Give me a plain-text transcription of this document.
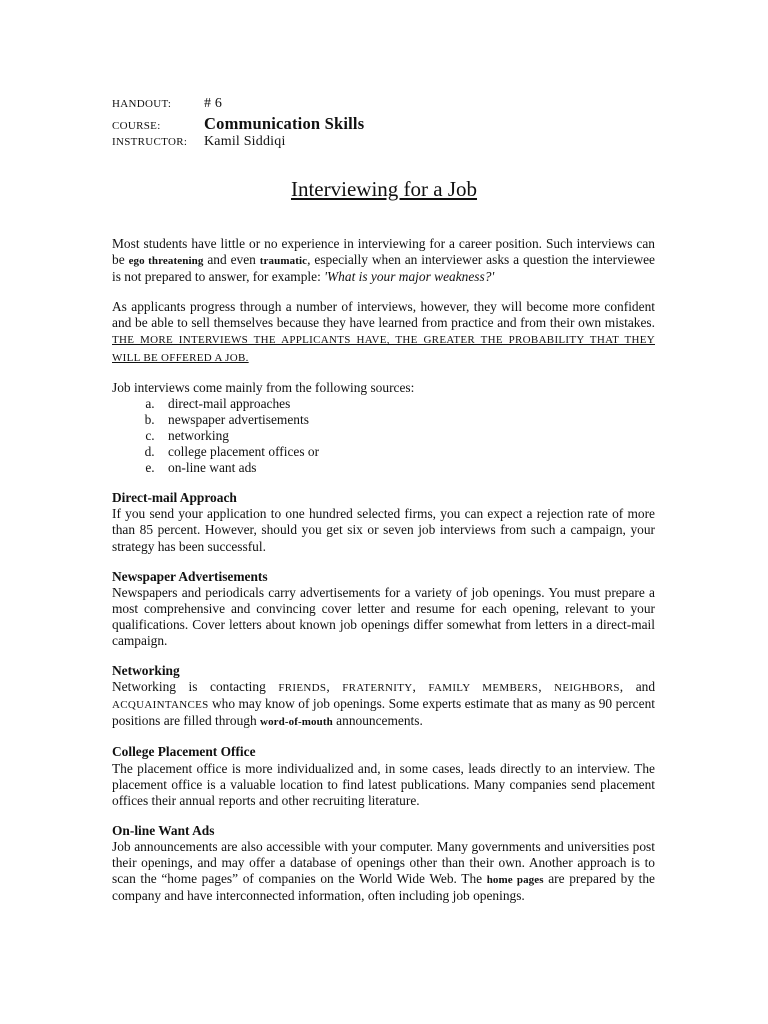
HANDOUT: # 6
COURSE:	Communication Skills
INSTRUCTOR: Kamil Siddiqi
Interviewing for a Job

Most students have little or no experience in interviewing for a career position. Such interviews can be ego threatening and even traumatic, especially when an interviewer asks a question the interviewee is not prepared to answer, for example: 'What is your major weakness?'

As applicants progress through a number of interviews, however, they will become more confident and be able to sell themselves because they have learned from practice and from their own mistakes. THE MORE INTERVIEWS THE APPLICANTS HAVE, THE GREATER THE PROBABILITY THAT THEY WILL BE OFFERED A JOB.

Job interviews come mainly from the following sources:

a. direct-mail approaches
b. newspaper advertisements
c. networking
d. college placement offices or
e. on-line want ads
Direct-mail Approach

If you send your application to one hundred selected firms, you can expect a rejection rate of more than 85 percent. However, should you get six or seven job interviews from such a campaign, your strategy has been successful.

Newspaper Advertisements

Newspapers and periodicals carry advertisements for a variety of job openings. You must prepare a most comprehensive and convincing cover letter and resume for each opening, relevant to your qualifications. Cover letters about known job openings differ somewhat from letters in a direct-mail campaign.

Networking

Networking is contacting FRIENDS, FRATERNITY, FAMILY MEMBERS, NEIGHBORS, and ACQUAINTANCES who may know of job openings. Some experts estimate that as many as 90 percent positions are filled through word-of-mouth announcements.

College Placement Office

The placement office is more individualized and, in some cases, leads directly to an interview. The placement office is a valuable location to find latest publications. Many companies send placement offices their annual reports and other recruiting literature.

On-line Want Ads

Job announcements are also accessible with your computer. Many governments and universities post their openings, and may offer a database of openings other than their own. Another approach is to scan the “home pages” of companies on the World Wide Web. The home pages are prepared by the company and have interconnected information, often including job openings.
